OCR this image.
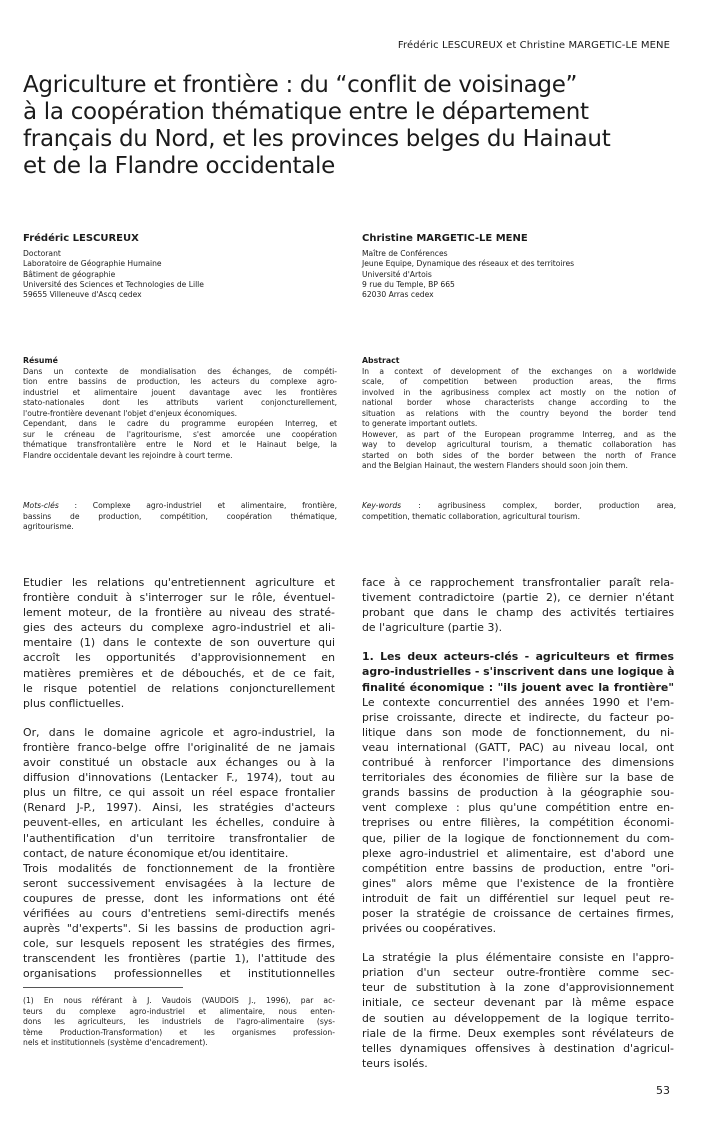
Frédéric LESCUREUX et Christine MARGETIC-LE MENE
Agriculture et frontière : du “conflit de voisinage”
à la coopération thématique entre le département
français du Nord, et les provinces belges du Hainaut
et de la Flandre occidentale
Frédéric LESCUREUX
Doctorant
Laboratoire de Géographie Humaine
Bâtiment de géographie
Université des Sciences et Technologies de Lille
59655 Villeneuve d'Ascq cedex
Christine MARGETIC-LE MENE
Maître de Conférences
Jeune Equipe, Dynamique des réseaux et des territoires
Université d'Artois
9 rue du Temple, BP 665
62030 Arras cedex
Résumé
Dans un contexte de mondialisation des échanges, de compéti-
tion entre bassins de production, les acteurs du complexe agro-
industriel et alimentaire jouent davantage avec les frontières
stato-nationales dont les attributs varient conjoncturellement,
l'outre-frontière devenant l'objet d'enjeux économiques.
Cependant, dans le cadre du programme européen Interreg, et
sur le créneau de l'agritourisme, s'est amorcée une coopération
thématique transfrontalière entre le Nord et le Hainaut belge, la
Flandre occidentale devant les rejoindre à court terme.
Abstract
In a context of development of the exchanges on a worldwide
scale, of competition between production areas, the firms
involved in the agribusiness complex act mostly on the notion of
national border whose characterists change according to the
situation as relations with the country beyond the border tend
to generate important outlets.
However, as part of the European programme Interreg, and as the
way to develop agricultural tourism, a thematic collaboration has
started on both sides of the border between the north of France
and the Belgian Hainaut, the western Flanders should soon join them.
Mots-clés : Complexe agro-industriel et alimentaire, frontière,
bassins de production, compétition, coopération thématique,
agritourisme.
Key-words : agribusiness complex, border, production area,
competition, thematic collaboration, agricultural tourism.
Etudier les relations qu'entretiennent agriculture et
frontière conduit à s'interroger sur le rôle, éventuel-
lement moteur, de la frontière au niveau des straté-
gies des acteurs du complexe agro-industriel et ali-
mentaire (1) dans le contexte de son ouverture qui
accroît les opportunités d'approvisionnement en
matières premières et de débouchés, et de ce fait,
le risque potentiel de relations conjoncturellement
plus conflictuelles.
Or, dans le domaine agricole et agro-industriel, la
frontière franco-belge offre l'originalité de ne jamais
avoir constitué un obstacle aux échanges ou à la
diffusion d'innovations (Lentacker F., 1974), tout au
plus un filtre, ce qui assoit un réel espace frontalier
(Renard J-P., 1997). Ainsi, les stratégies d'acteurs
peuvent-elles, en articulant les échelles, conduire à
l'authentification d'un territoire transfrontalier de
contact, de nature économique et/ou identitaire.
Trois modalités de fonctionnement de la frontière
seront successivement envisagées à la lecture de
coupures de presse, dont les informations ont été
vérifiées au cours d'entretiens semi-directifs menés
auprès "d'experts". Si les bassins de production agri-
cole, sur lesquels reposent les stratégies des firmes,
transcendent les frontières (partie 1), l'attitude des
organisations professionnelles et institutionnelles
face à ce rapprochement transfrontalier paraît rela-
tivement contradictoire (partie 2), ce dernier n'étant
probant que dans le champ des activités tertiaires
de l'agriculture (partie 3).
1. Les deux acteurs-clés - agriculteurs et firmes
agro-industrielles - s'inscrivent dans une logique à
finalité économique : "ils jouent avec la frontière"
Le contexte concurrentiel des années 1990 et l'em-
prise croissante, directe et indirecte, du facteur po-
litique dans son mode de fonctionnement, du ni-
veau international (GATT, PAC) au niveau local, ont
contribué à renforcer l'importance des dimensions
territoriales des économies de filière sur la base de
grands bassins de production à la géographie sou-
vent complexe : plus qu'une compétition entre en-
treprises ou entre filières, la compétition économi-
que, pilier de la logique de fonctionnement du com-
plexe agro-industriel et alimentaire, est d'abord une
compétition entre bassins de production, entre "ori-
gines" alors même que l'existence de la frontière
introduit de fait un différentiel sur lequel peut re-
poser la stratégie de croissance de certaines firmes,
privées ou coopératives.
La stratégie la plus élémentaire consiste en l'appro-
priation d'un secteur outre-frontière comme sec-
teur de substitution à la zone d'approvisionnement
initiale, ce secteur devenant par là même espace
de soutien au développement de la logique territo-
riale de la firme. Deux exemples sont révélateurs de
telles dynamiques offensives à destination d'agricul-
teurs isolés.
(1) En nous référant à J. Vaudois (VAUDOIS J., 1996), par ac-
teurs du complexe agro-industriel et alimentaire, nous enten-
dons les agriculteurs, les industriels de l'agro-alimentaire (sys-
tème Production-Transformation) et les organismes profession-
nels et institutionnels (système d'encadrement).
53
